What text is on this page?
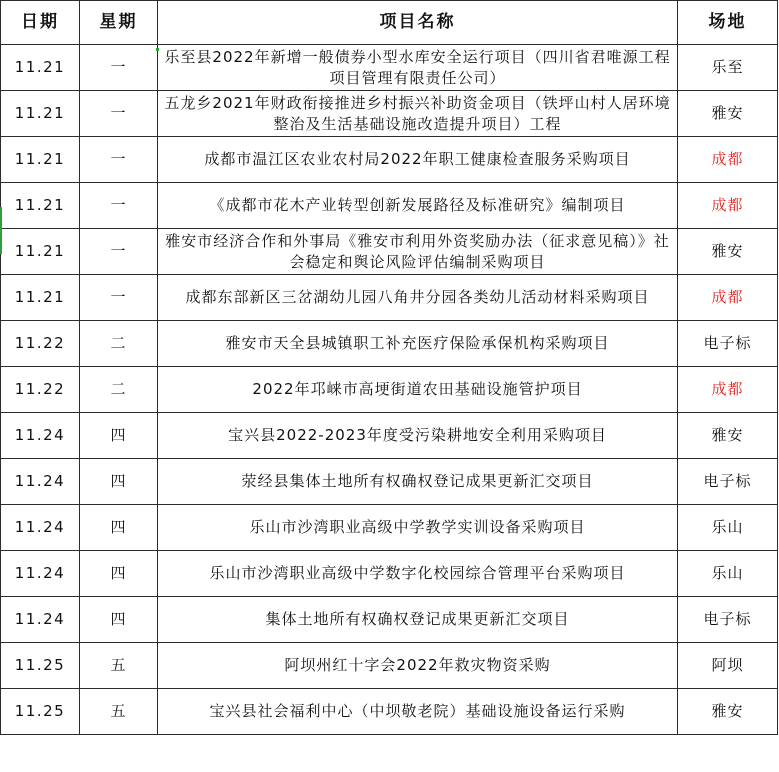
日期	星期	项目名称	场地
11.21	一	乐至县2022年新增一般债券小型水库安全运行项目（四川省君唯源工程项目管理有限责任公司）	乐至
11.21	一	五龙乡2021年财政衔接推进乡村振兴补助资金项目（铁坪山村人居环境整治及生活基础设施改造提升项目）工程	雅安
11.21	一	成都市温江区农业农村局2022年职工健康检查服务采购项目	成都
11.21	一	《成都市花木产业转型创新发展路径及标准研究》编制项目	成都
11.21	一	雅安市经济合作和外事局《雅安市利用外资奖励办法（征求意见稿）》社会稳定和舆论风险评估编制采购项目	雅安
11.21	一	成都东部新区三岔湖幼儿园八角井分园各类幼儿活动材料采购项目	成都
11.22	二	雅安市天全县城镇职工补充医疗保险承保机构采购项目	电子标
11.22	二	2022年邛崃市高埂街道农田基础设施管护项目	成都
11.24	四	宝兴县2022-2023年度受污染耕地安全利用采购项目	雅安
11.24	四	荥经县集体土地所有权确权登记成果更新汇交项目	电子标
11.24	四	乐山市沙湾职业高级中学教学实训设备采购项目	乐山
11.24	四	乐山市沙湾职业高级中学数字化校园综合管理平台采购项目	乐山
11.24	四	集体土地所有权确权登记成果更新汇交项目	电子标
11.25	五	阿坝州红十字会2022年救灾物资采购	阿坝
11.25	五	宝兴县社会福利中心（中坝敬老院）基础设施设备运行采购	雅安
